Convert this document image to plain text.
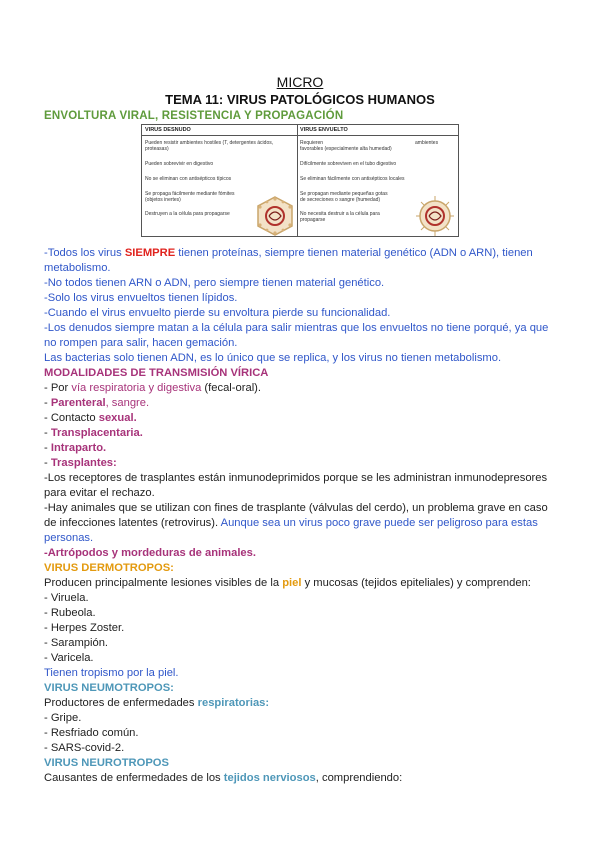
MICRO
TEMA 11: VIRUS PATOLÓGICOS HUMANOS
ENVOLTURA VIRAL, RESISTENCIA Y PROPAGACIÓN
VIRUS DESNUDO
Pueden resistir ambientes hostiles (T, detergentes ácidos,
proteasas)
Pueden sobrevivir en digestivo
No se eliminan con antisépticos típicos
Se propaga fácilmente mediante fómites
(objetos inertes)
Destruyen a la célula para propagarse
VIRUS ENVUELTO
Requieren	ambientes
favorables (especialmente alta humedad)
Difícilmente sobreviven en el tubo digestivo
Se eliminan fácilmente con antisépticos locales
Se propagan mediante pequeñas gotas
de secreciones o sangre (humedad)
No necesita destruir a la célula para
propagarse
-Todos los virus SIEMPRE tienen proteínas, siempre tienen material genético (ADN o ARN), tienen
metabolismo.
-No todos tienen ARN o ADN, pero siempre tienen material genético.
-Solo los virus envueltos tienen lípidos.
-Cuando el virus envuelto pierde su envoltura pierde su funcionalidad.
-Los denudos siempre matan a la célula para salir mientras que los envueltos no tiene porqué, ya que
no rompen para salir, hacen gemación.
Las bacterias solo tienen ADN, es lo único que se replica, y los virus no tienen metabolismo.
MODALIDADES DE TRANSMISIÓN VÍRICA
- Por vía respiratoria y digestiva (fecal-oral).
- Parenteral, sangre.
- Contacto sexual.
- Transplacentaria.
- Intraparto.
- Trasplantes:
-Los receptores de trasplantes están inmunodeprimidos porque se les administran inmunodepresores
para evitar el rechazo.
-Hay animales que se utilizan con fines de trasplante (válvulas del cerdo), un problema grave en caso
de infecciones latentes (retrovirus). Aunque sea un virus poco grave puede ser peligroso para estas
personas.
-Artrópodos y mordeduras de animales.
VIRUS DERMOTROPOS:
Producen principalmente lesiones visibles de la piel y mucosas (tejidos epiteliales) y comprenden:
- Viruela.
- Rubeola.
- Herpes Zoster.
- Sarampión.
- Varicela.
Tienen tropismo por la piel.
VIRUS NEUMOTROPOS:
Productores de enfermedades respiratorias:
- Gripe.
- Resfriado común.
- SARS-covid-2.
VIRUS NEUROTROPOS
Causantes de enfermedades de los tejidos nerviosos, comprendiendo:
